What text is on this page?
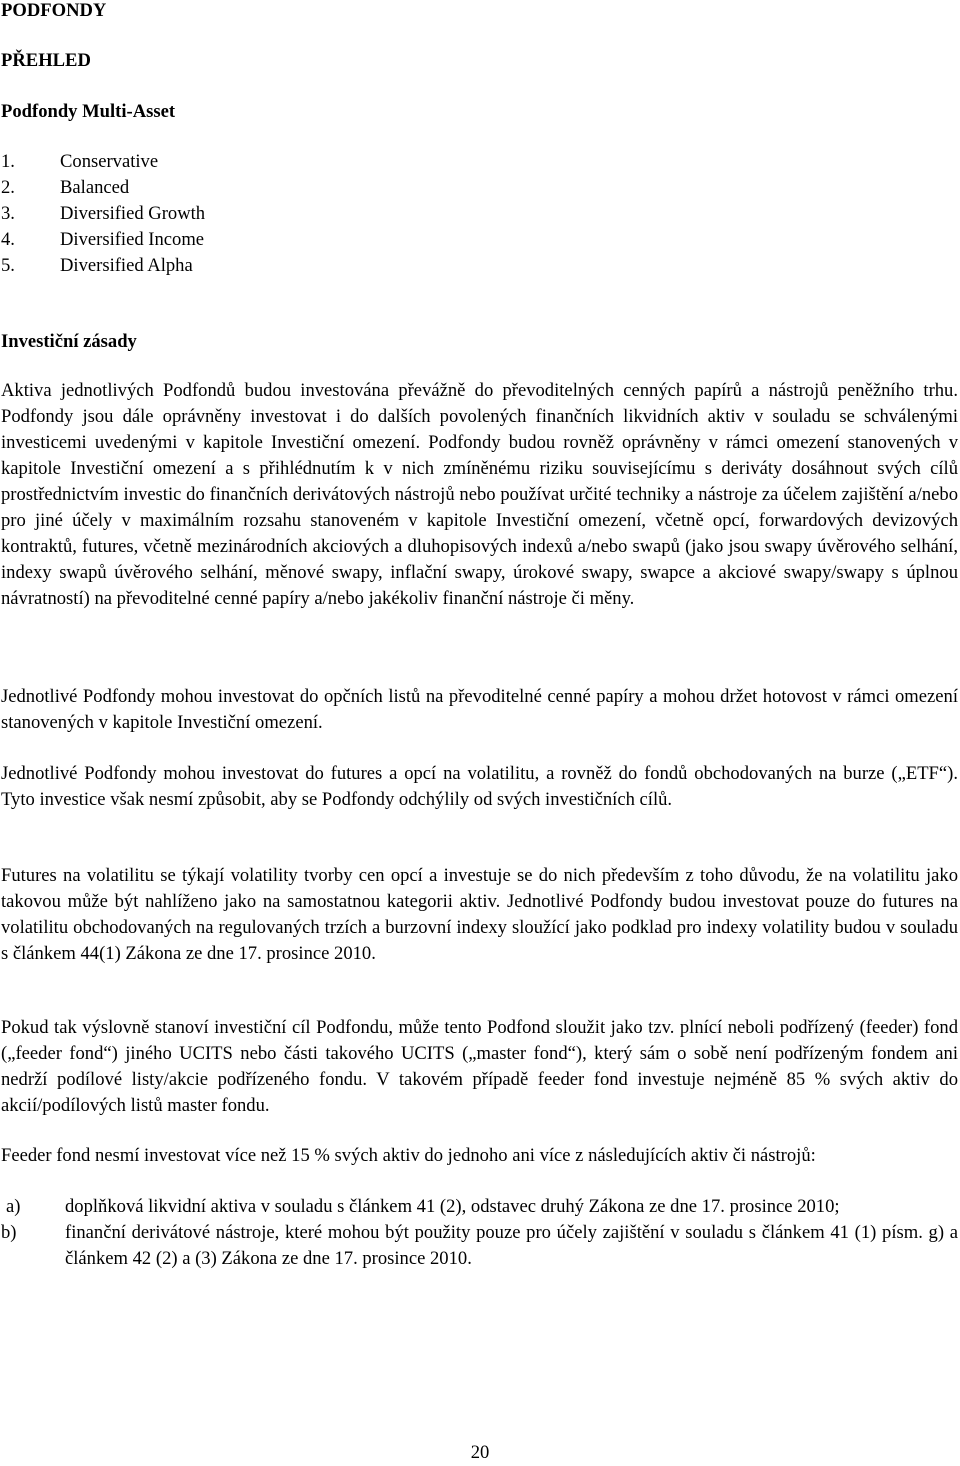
PODFONDY

PŘEHLED

Podfondy Multi-Asset

1. Conservative
2. Balanced
3. Diversified Growth
4. Diversified Income
5. Diversified Alpha

Investiční zásady

Aktiva jednotlivých Podfondů budou investována převážně do převoditelných cenných papírů a nástrojů peněžního trhu. Podfondy jsou dále oprávněny investovat i do dalších povolených finančních likvidních aktiv v souladu se schválenými investicemi uvedenými v kapitole Investiční omezení. Podfondy budou rovněž oprávněny v rámci omezení stanovených v kapitole Investiční omezení a s přihlédnutím k v nich zmíněnému riziku souvisejícímu s deriváty dosáhnout svých cílů prostřednictvím investic do finančních derivátových nástrojů nebo používat určité techniky a nástroje za účelem zajištění a/nebo pro jiné účely v maximálním rozsahu stanoveném v kapitole Investiční omezení, včetně opcí, forwardových devizových kontraktů, futures, včetně mezinárodních akciových a dluhopisových indexů a/nebo swapů (jako jsou swapy úvěrového selhání, indexy swapů úvěrového selhání, měnové swapy, inflační swapy, úrokové swapy, swapce a akciové swapy/swapy s úplnou návratností) na převoditelné cenné papíry a/nebo jakékoliv finanční nástroje či měny.

Jednotlivé Podfondy mohou investovat do opčních listů na převoditelné cenné papíry a mohou držet hotovost v rámci omezení stanovených v kapitole Investiční omezení.

Jednotlivé Podfondy mohou investovat do futures a opcí na volatilitu, a rovněž do fondů obchodovaných na burze („ETF“). Tyto investice však nesmí způsobit, aby se Podfondy odchýlily od svých investičních cílů.

Futures na volatilitu se týkají volatility tvorby cen opcí a investuje se do nich především z toho důvodu, že na volatilitu jako takovou může být nahlíženo jako na samostatnou kategorii aktiv. Jednotlivé Podfondy budou investovat pouze do futures na volatilitu obchodovaných na regulovaných trzích a burzovní indexy sloužící jako podklad pro indexy volatility budou v souladu s článkem 44(1) Zákona ze dne 17. prosince 2010.

Pokud tak výslovně stanoví investiční cíl Podfondu, může tento Podfond sloužit jako tzv. plnící neboli podřízený (feeder) fond („feeder fond“) jiného UCITS nebo části takového UCITS („master fond“), který sám o sobě není podřízeným fondem ani nedrží podílové listy/akcie podřízeného fondu. V takovém případě feeder fond investuje nejméně 85 % svých aktiv do akcií/podílových listů master fondu.

Feeder fond nesmí investovat více než 15 % svých aktiv do jednoho ani více z následujících aktiv či nástrojů:

a) doplňková likvidní aktiva v souladu s článkem 41 (2), odstavec druhý Zákona ze dne 17. prosince 2010;
b)	finanční derivátové nástroje, které mohou být použity pouze pro účely zajištění v souladu s článkem 41 (1) písm. g) a článkem 42 (2) a (3) Zákona ze dne 17. prosince 2010.
20
